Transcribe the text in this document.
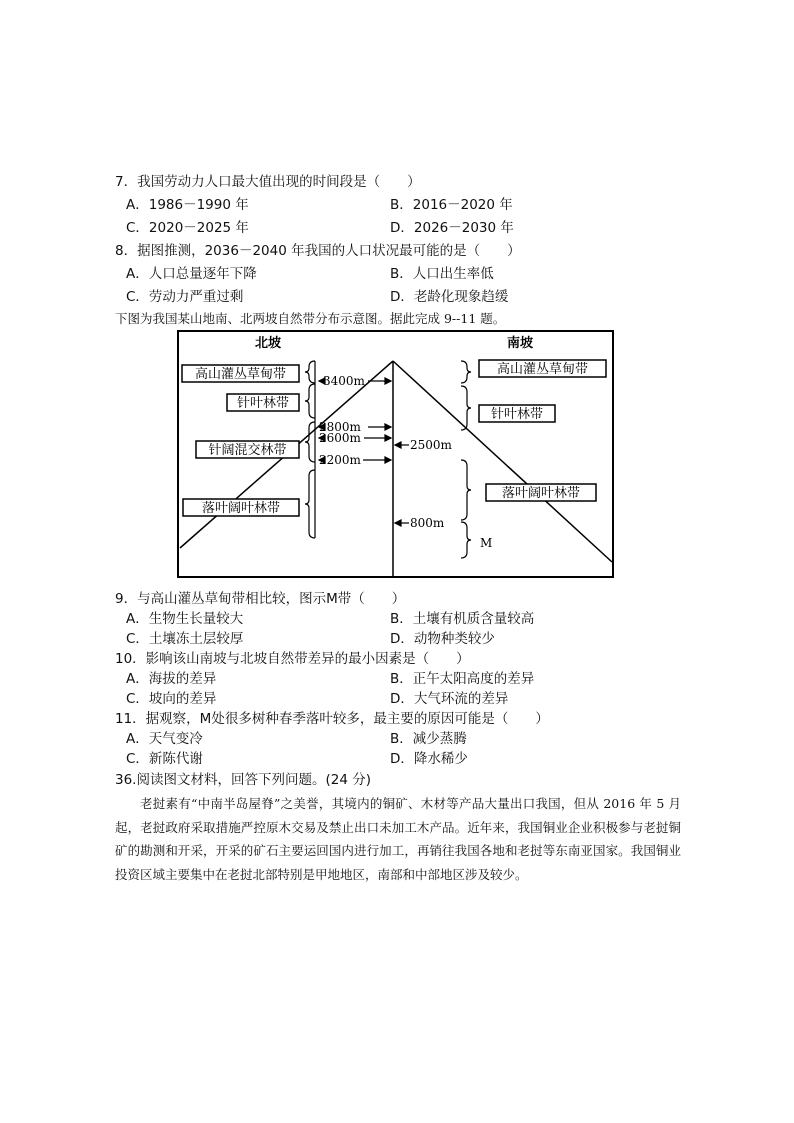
7．我国劳动力人口最大值出现的时间段是（　　）
A．1986－1990 年	B．2016－2020 年
C．2020－2025 年	D．2026－2030 年
8．据图推测，2036－2040 年我国的人口状况最可能的是（　　）
A．人口总量逐年下降	B．人口出生率低
C．劳动力严重过剩	D．老龄化现象趋缓
下图为我国某山地南、北两坡自然带分布示意图。据此完成 9--11 题。
北坡	南坡
高山灌丛草甸带
针叶林带
针阔混交林带
落叶阔叶林带
3400m
2800m
2600m
2200m
2500m
800m
高山灌丛草甸带
针叶林带
落叶阔叶林带
M
9．与高山灌丛草甸带相比较，图示M带（　　）
A．生物生长量较大	B．土壤有机质含量较高
C．土壤冻土层较厚	D．动物种类较少
10．影响该山南坡与北坡自然带差异的最小因素是（　　）
A．海拔的差异	B．正午太阳高度的差异
C．坡向的差异	D．大气环流的差异
11．据观察，M处很多树种春季落叶较多，最主要的原因可能是（　　）
A．天气变冷	B．减少蒸腾
C．新陈代谢	D．降水稀少
36.阅读图文材料，回答下列问题。(24 分)

老挝素有“中南半岛屋脊”之美誉，其境内的铜矿、木材等产品大量出口我国，但从 2016 年 5 月起，老挝政府采取措施严控原木交易及禁止出口未加工木产品。近年来，我国铜业企业积极参与老挝铜矿的勘测和开采，开采的矿石主要运回国内进行加工，再销往我国各地和老挝等东南亚国家。我国铜业投资区域主要集中在老挝北部特别是甲地地区，南部和中部地区涉及较少。
